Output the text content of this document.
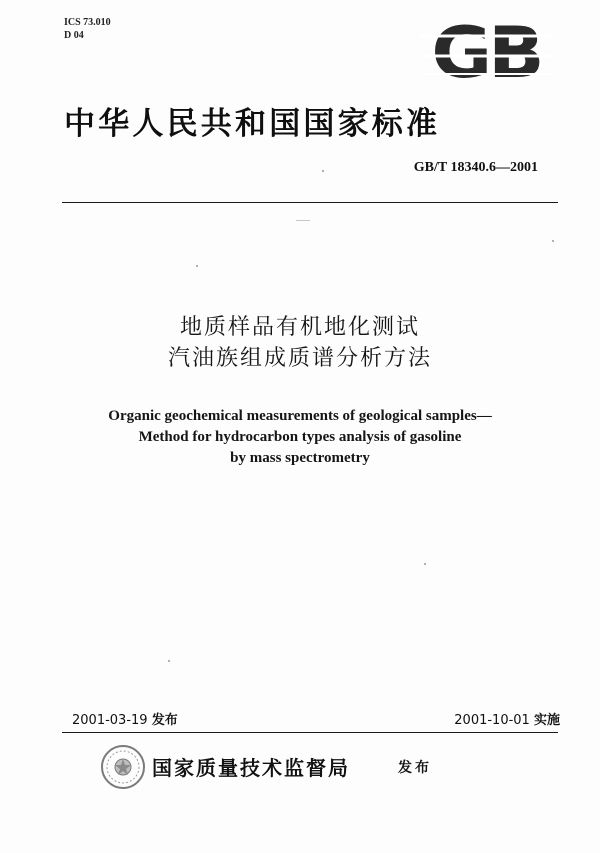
ICS 73.010
D 04	GB
中华人民共和国国家标准
GB/T 18340.6—2001
地质样品有机地化测试
汽油族组成质谱分析方法
Organic geochemical measurements of geological samples—
Method for hydrocarbon types analysis of gasoline
by mass spectrometry
2001-03-19 发布	2001-10-01 实施
国家质量技术监督局	发布
